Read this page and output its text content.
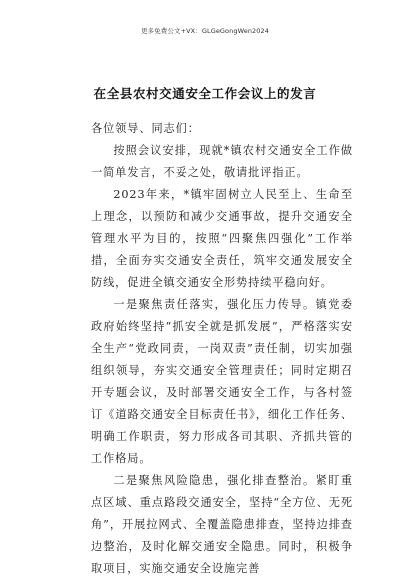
更多免费公文+VX：GLGeGongWen2024
在全县农村交通安全工作会议上的发言

各位领导、同志们：

按照会议安排，现就*镇农村交通安全工作做一简单发言，不妥之处，敬请批评指正。

2023年来，*镇牢固树立人民至上、生命至上理念，以预防和减少交通事故，提升交通安全管理水平为目的，按照“四聚焦四强化”工作举措，全面夯实交通安全责任，筑牢交通发展安全防线，促进全镇交通安全形势持续平稳向好。

一是聚焦责任落实，强化压力传导。镇党委政府始终坚持“抓安全就是抓发展”，严格落实安全生产“党政同责，一岗双责”责任制，切实加强组织领导，夯实交通安全管理责任；同时定期召开专题会议，及时部署交通安全工作，与各村签订《道路交通安全目标责任书》，细化工作任务、明确工作职责，努力形成各司其职、齐抓共管的工作格局。

二是聚焦风险隐患，强化排查整治。紧盯重点区域、重点路段交通安全，坚持“全方位、无死角”，开展拉网式、全覆盖隐患排查，坚持边排查边整治，及时化解交通安全隐患。同时，积极争取项目，实施交通安全设施完善
